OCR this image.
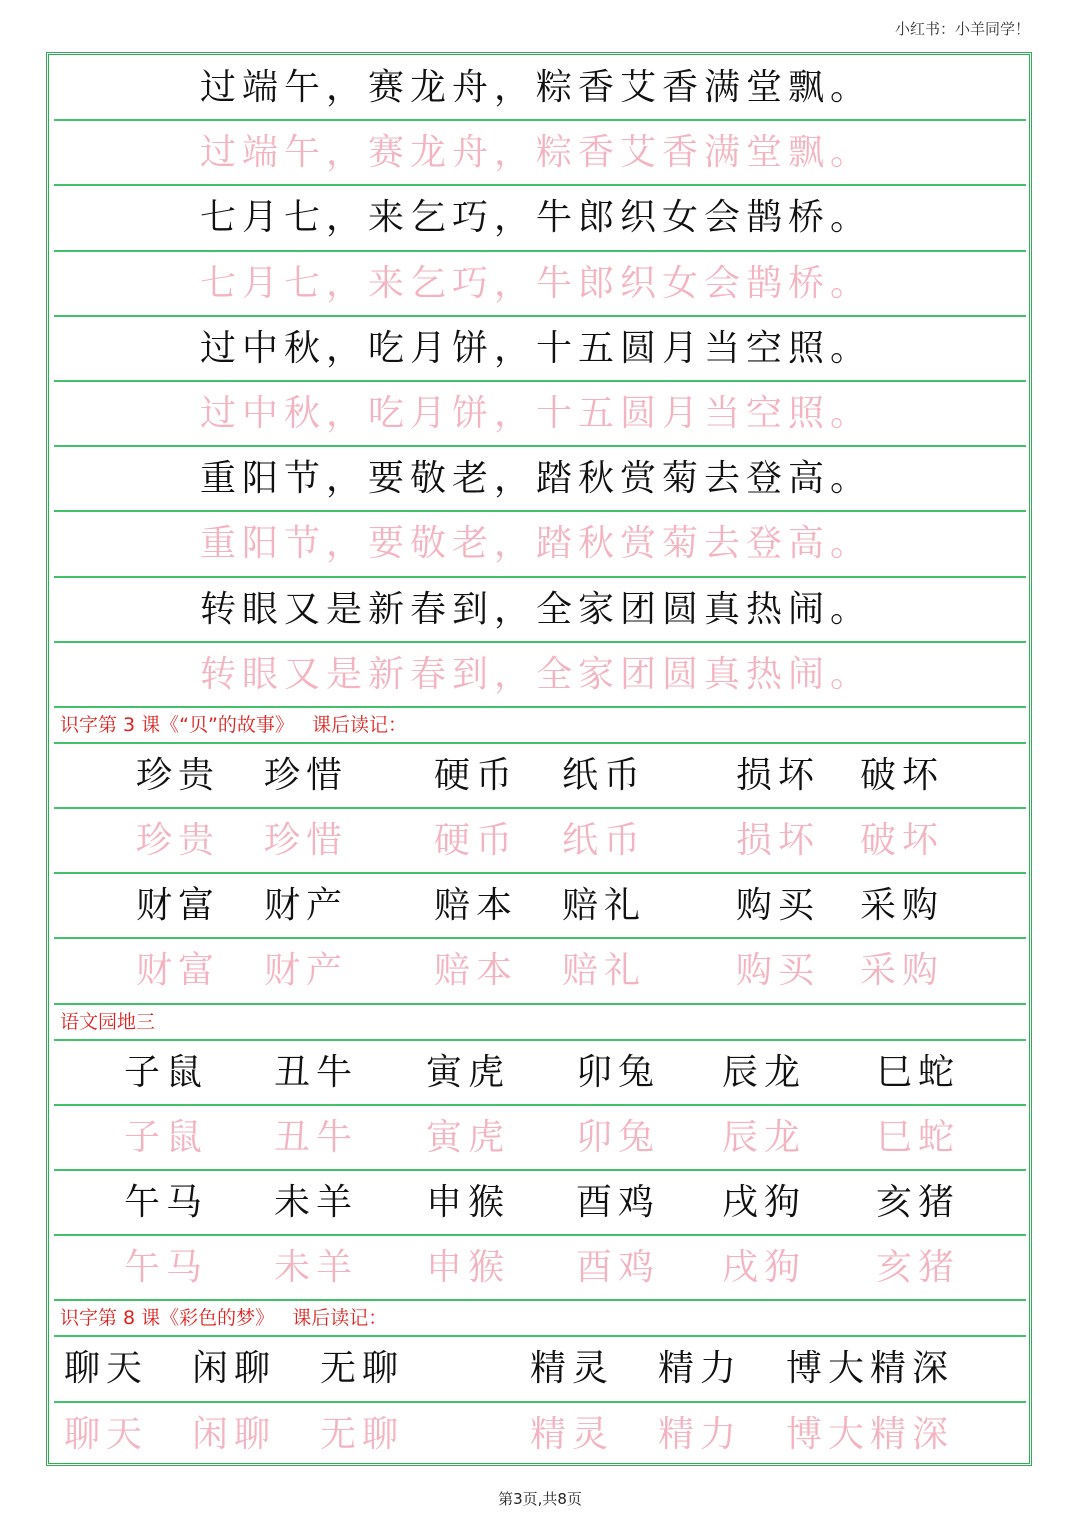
小红书：小羊同学！
过端午，赛龙舟，粽香艾香满堂飘。
过端午，赛龙舟，粽香艾香满堂飘。
七月七，来乞巧，牛郎织女会鹊桥。
七月七，来乞巧，牛郎织女会鹊桥。
过中秋，吃月饼，十五圆月当空照。
过中秋，吃月饼，十五圆月当空照。
重阳节，要敬老，踏秋赏菊去登高。
重阳节，要敬老，踏秋赏菊去登高。
转眼又是新春到，全家团圆真热闹。
转眼又是新春到，全家团圆真热闹。
识字第 3 课《“贝”的故事》   课后读记：
珍贵 珍惜 硬币 纸币 损坏 破坏
珍贵 珍惜 硬币 纸币 损坏 破坏
财富 财产 赔本 赔礼 购买 采购
财富 财产 赔本 赔礼 购买 采购
语文园地三
子鼠 丑牛 寅虎 卯兔 辰龙 巳蛇
子鼠 丑牛 寅虎 卯兔 辰龙 巳蛇
午马 未羊 申猴 酉鸡 戌狗 亥猪
午马 未羊 申猴 酉鸡 戌狗 亥猪
识字第 8 课《彩色的梦》   课后读记：
聊天 闲聊 无聊	精灵 精力 博大精深
聊天 闲聊 无聊	精灵 精力 博大精深
第3页,共8页
